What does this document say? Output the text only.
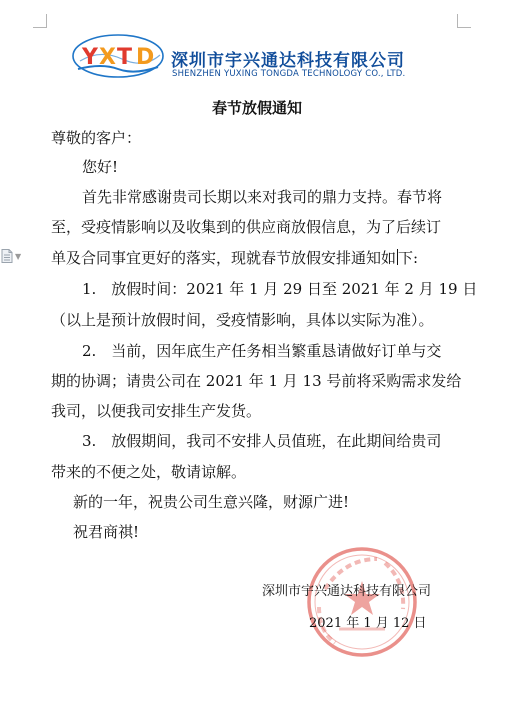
▼
Y X T D 深圳市宇兴通达科技有限公司
SHENZHEN YUXING TONGDA TECHNOLOGY CO., LTD.
春节放假通知
尊敬的客户：
您好!
首先非常感谢贵司长期以来对我司的鼎力支持。春节将
至，受疫情影响以及收集到的供应商放假信息，为了后续订
单及合同事宜更好的落实，现就春节放假安排通知如 下:
1.　放假时间：2021 年 1 月 29 日至 2021 年 2 月 19 日
（以上是预计放假时间，受疫情影响，具体以实际为准）。
2.　当前，因年底生产任务相当繁重恳请做好订单与交
期的协调；请贵公司在 2021 年 1 月 13 号前将采购需求发给
我司，以便我司安排生产发货。
3.　放假期间，我司不安排人员值班，在此期间给贵司
带来的不便之处，敬请谅解。
新的一年，祝贵公司生意兴隆，财源广进!
祝君商祺!
深圳市宇兴通达科技有限公司
2021 年 1 月 12 日
